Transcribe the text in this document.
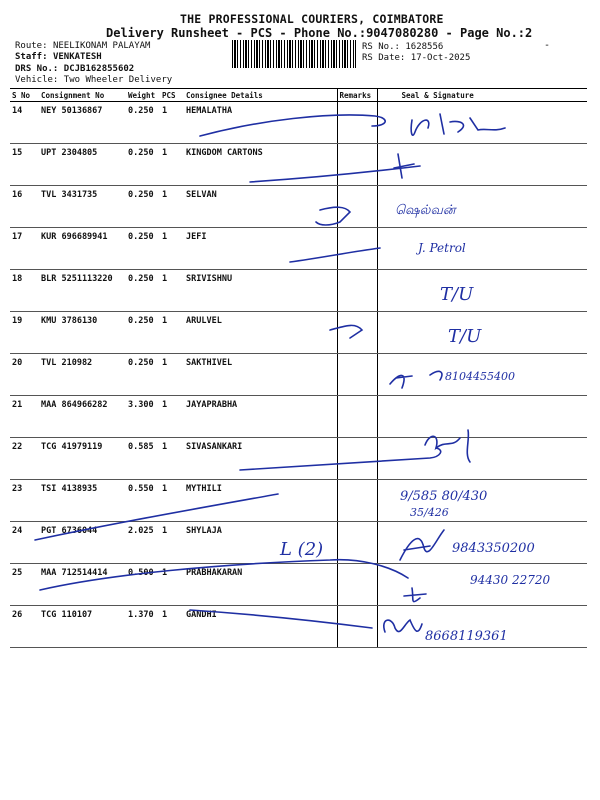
THE PROFESSIONAL COURIERS, COIMBATORE
Delivery Runsheet - PCS - Phone No.:9047080280 - Page No.:2
-
Route: NEELIKONAM PALAYAM
Staff: VENKATESH
DRS No.: DCJB162855602
Vehicle: Two Wheeler Delivery
RS No.: 1628556
RS Date: 17-Oct-2025
S No	Consignment No	Weight	PCS	Consignee Details	Remarks	Seal & Signature
14	NEY 50136867	0.250	1	HEMALATHA		
15	UPT 2304805	0.250	1	KINGDOM CARTONS		
16	TVL 3431735	0.250	1	SELVAN		
17	KUR 696689941	0.250	1	JEFI		
18	BLR 5251113220	0.250	1	SRIVISHNU		
19	KMU 3786130	0.250	1	ARULVEL		
20	TVL 210982	0.250	1	SAKTHIVEL		
21	MAA 864966282	3.300	1	JAYAPRABHA		
22	TCG 41979119	0.585	1	SIVASANKARI		
23	TSI 4138935	0.550	1	MYTHILI		
24	PGT 6736044	2.025	1	SHYLAJA		
25	MAA 712514414	0.500	1	PRABHAKARAN		
26	TCG 110107	1.370	1	GANDHI		
ஷெல்வன்
J. Petrol
T/U
T/U
8104455400
9/585 80/430
35/426
L (2)	9843350200
94430 22720
8668119361
